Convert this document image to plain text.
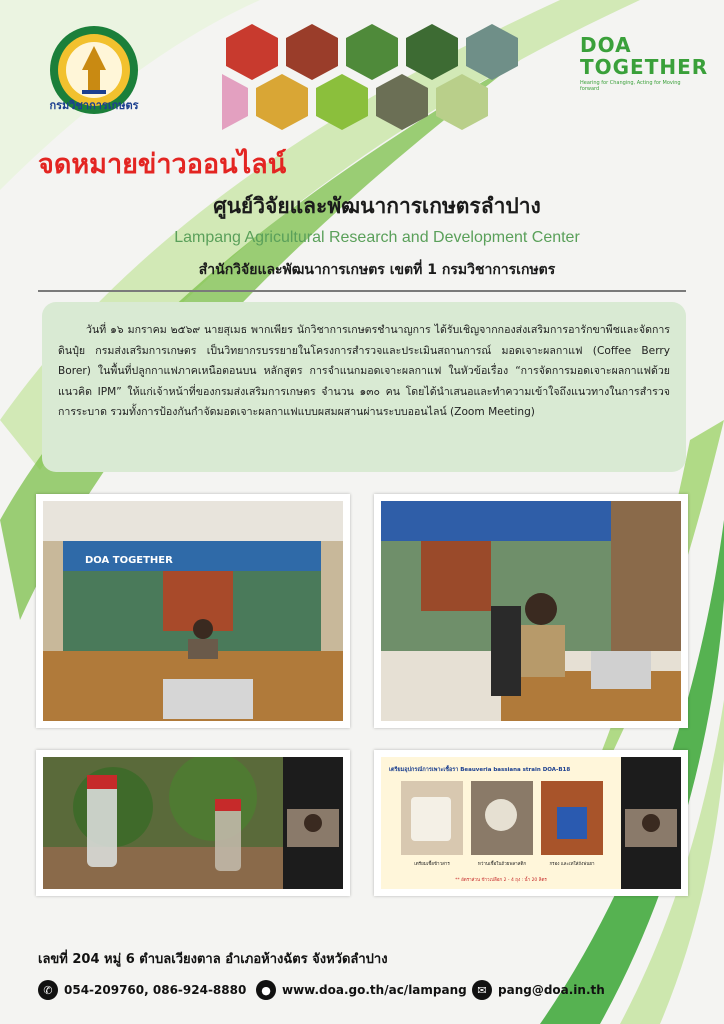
กรมวิชาการเกษตร
DOA TOGETHER
Hearing for Changing, Acting for Moving forward
จดหมายข่าวออนไลน์
ศูนย์วิจัยและพัฒนาการเกษตรลำปาง
Lampang Agricultural Research and Development Center
สำนักวิจัยและพัฒนาการเกษตร เขตที่ 1 กรมวิชาการเกษตร
วันที่ ๑๖ มกราคม ๒๕๖๙ นายสุเมธ พากเพียร นักวิชาการเกษตรชำนาญการ ได้รับเชิญจากกองส่งเสริมการอารักขาพืชและจัดการดินปุ๋ย กรมส่งเสริมการเกษตร เป็นวิทยากรบรรยายในโครงการสำรวจและประเมินสถานการณ์ มอดเจาะผลกาแฟ (Coffee Berry Borer) ในพื้นที่ปลูกกาแฟภาคเหนือตอนบน หลักสูตร การจำแนกมอดเจาะผลกาแฟ ในหัวข้อเรื่อง “การจัดการมอดเจาะผลกาแฟด้วยแนวคิด IPM” ให้แก่เจ้าหน้าที่ของกรมส่งเสริมการเกษตร จำนวน ๑๓๐ คน โดยได้นำเสนอและทำความเข้าใจถึงแนวทางในการสำรวจการระบาด รวมทั้งการป้องกันกำจัดมอดเจาะผลกาแฟแบบผสมผสานผ่านระบบออนไลน์ (Zoom Meeting)
DOA TOGETHER
เตรียมอุปกรณ์การเพาะเชื้อรา Beauveria bassiana strain DOA-B18
เตรียมเชื้อข้าวสาร	หว่านเชื้อในถ้วยพลาสติก	กรอง และเทใส่ถังพ่นยา
** อัตราส่วน ข้าวเปลือก 2 - 4 ถุง : น้ำ 20 ลิตร
เลขที่ 204 หมู่ 6 ตำบลเวียงตาล อำเภอห้างฉัตร จังหวัดลำปาง
✆ 054-209760, 086-924-8880	● www.doa.go.th/ac/lampang ✉ pang@doa.in.th
